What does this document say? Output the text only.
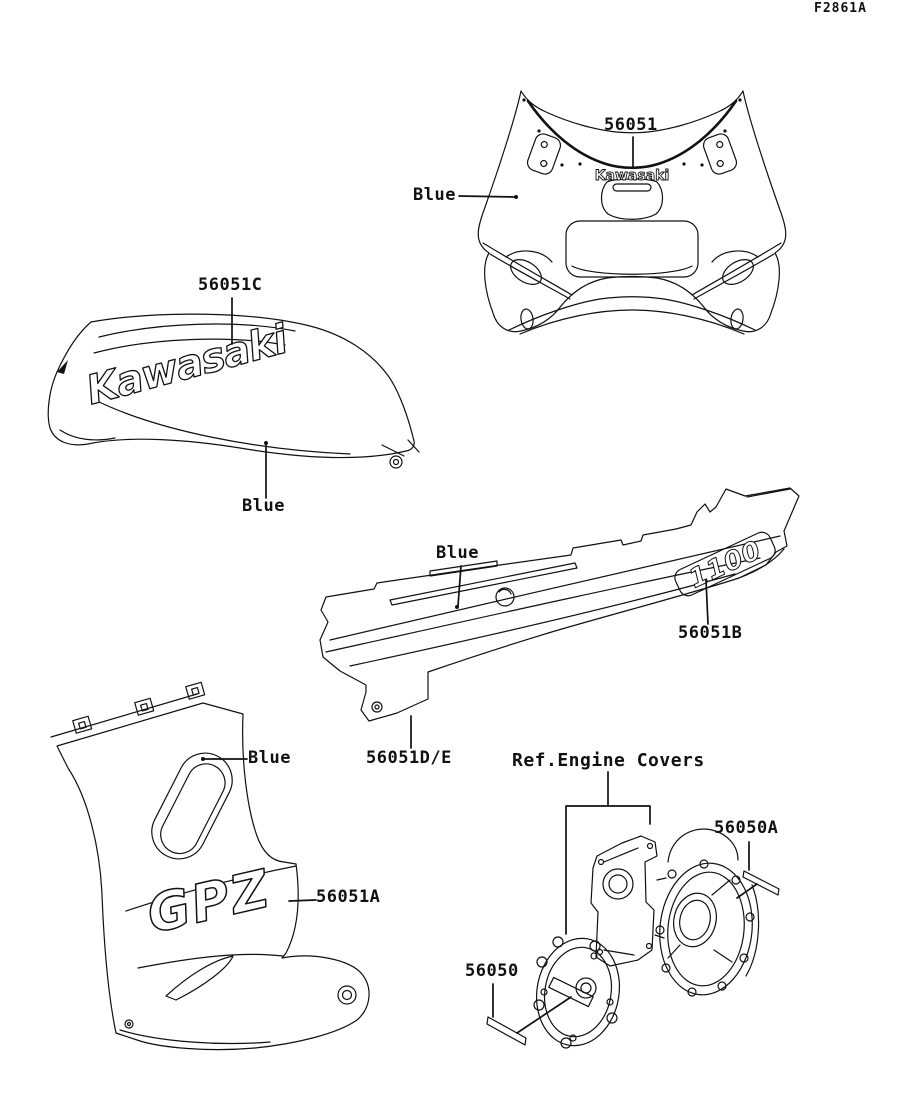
Kawasaki
Kawasaki
1100
GPZ
F2861A
56051
Blue
56051C
Blue
Blue
56051B
56051D/E	Ref.Engine Covers
Blue
56051A
56050A
56050
